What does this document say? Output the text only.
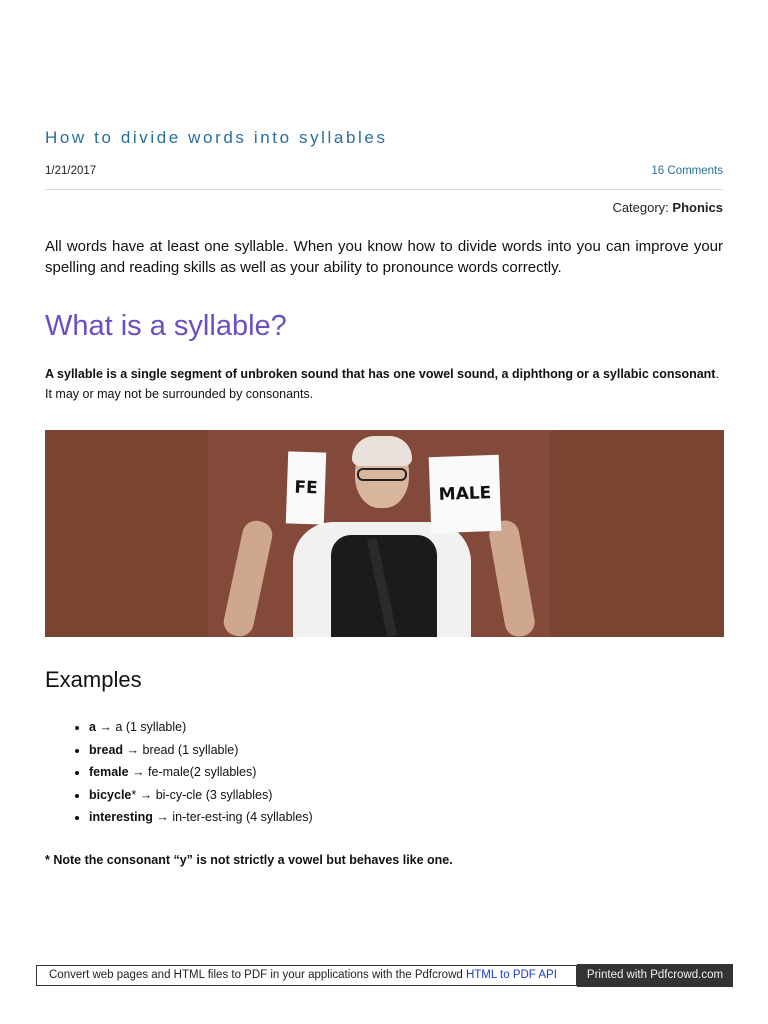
How to divide words into syllables
1/21/2017	16 Comments
Category: Phonics

All words have at least one syllable. When you know how to divide words into you can improve your spelling and reading skills as well as your ability to pronounce words correctly.

What is a syllable?

A syllable is a single segment of unbroken sound that has one vowel sound, a diphthong or a syllabic consonant. It may or may not be surrounded by consonants.

FE	MALE
Examples
• a → a (1 syllable)
• bread → bread (1 syllable)
• female → fe-male(2 syllables)
• bicycle* → bi-cy-cle (3 syllables)
• interesting → in-ter-est-ing (4 syllables)

* Note the consonant “y” is not strictly a vowel but behaves like one.

Convert web pages and HTML files to PDF in your applications with the Pdfcrowd HTML to PDF API	Printed with Pdfcrowd.com
